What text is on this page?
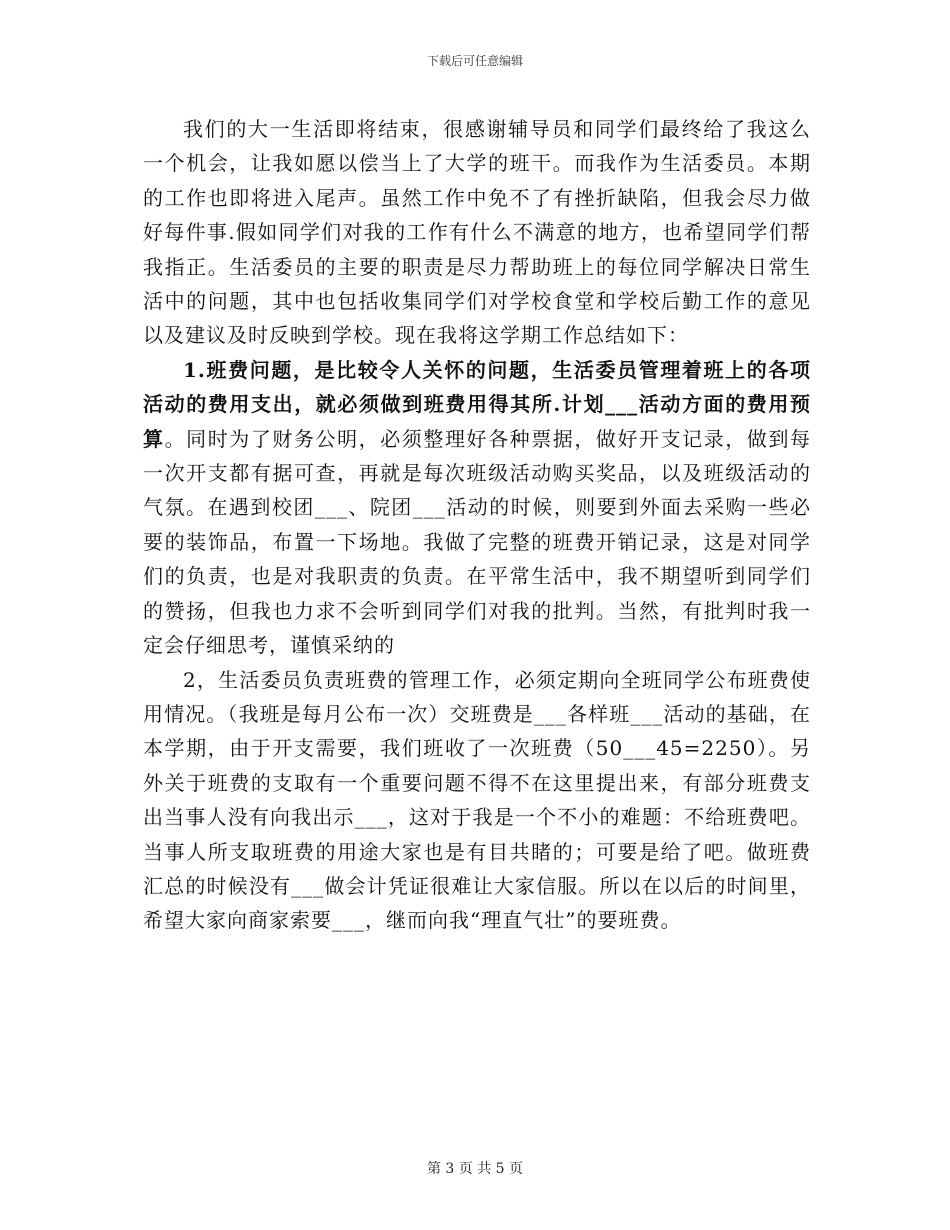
下载后可任意编辑

我们的大一生活即将结束，很感谢辅导员和同学们最终给了我这么一个机会，让我如愿以偿当上了大学的班干。而我作为生活委员。本期的工作也即将进入尾声。虽然工作中免不了有挫折缺陷，但我会尽力做好每件事.假如同学们对我的工作有什么不满意的地方，也希望同学们帮我指正。生活委员的主要的职责是尽力帮助班上的每位同学解决日常生活中的问题，其中也包括收集同学们对学校食堂和学校后勤工作的意见以及建议及时反映到学校。现在我将这学期工作总结如下：

1.班费问题，是比较令人关怀的问题，生活委员管理着班上的各项活动的费用支出，就必须做到班费用得其所.计划___活动方面的费用预算。同时为了财务公明，必须整理好各种票据，做好开支记录，做到每一次开支都有据可查，再就是每次班级活动购买奖品，以及班级活动的气氛。在遇到校团___、院团___活动的时候，则要到外面去采购一些必要的装饰品，布置一下场地。我做了完整的班费开销记录，这是对同学们的负责，也是对我职责的负责。在平常生活中，我不期望听到同学们的赞扬，但我也力求不会听到同学们对我的批判。当然，有批判时我一定会仔细思考，谨慎采纳的

2，生活委员负责班费的管理工作，必须定期向全班同学公布班费使用情况。（我班是每月公布一次）交班费是___各样班___活动的基础，在本学期，由于开支需要，我们班收了一次班费（50___45=2250）。另外关于班费的支取有一个重要问题不得不在这里提出来，有部分班费支出当事人没有向我出示___，这对于我是一个不小的难题：不给班费吧。当事人所支取班费的用途大家也是有目共睹的；可要是给了吧。做班费汇总的时候没有___做会计凭证很难让大家信服。所以在以后的时间里，希望大家向商家索要___，继而向我“理直气壮”的要班费。

第 3 页 共 5 页
